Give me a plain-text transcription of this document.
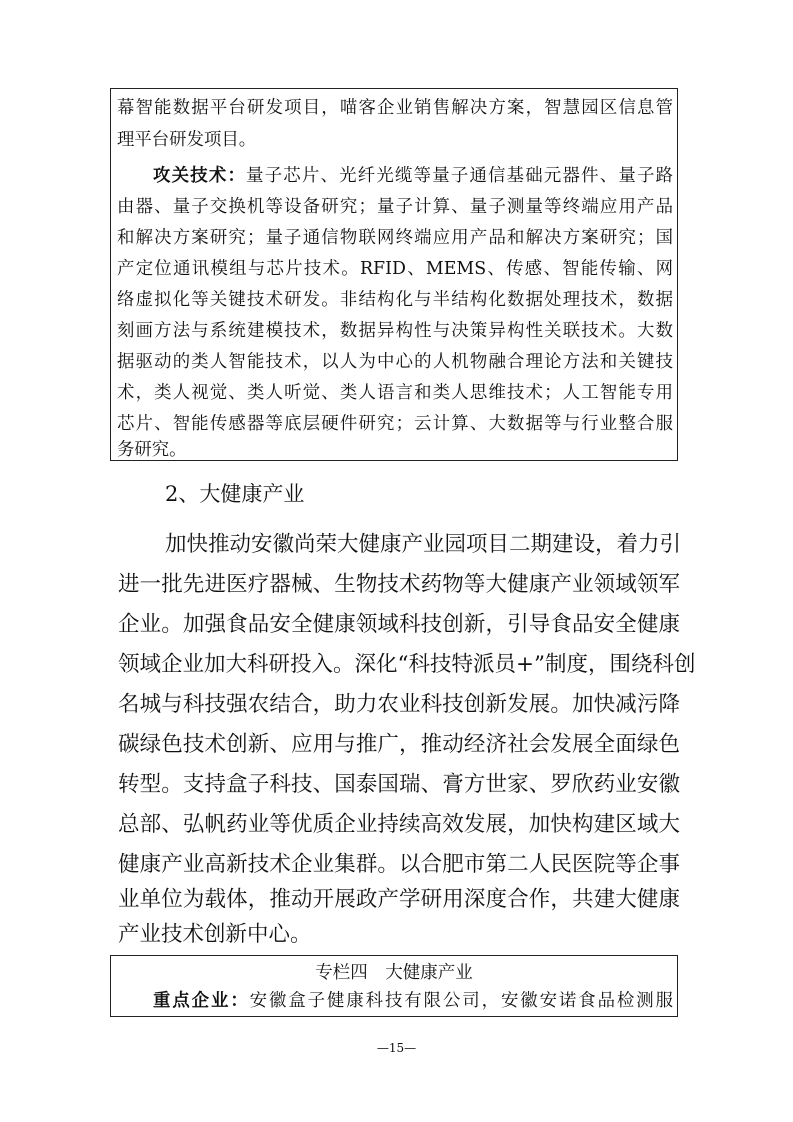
幕智能数据平台研发项目，喵客企业销售解决方案，智慧园区信息管
理平台研发项目。
攻关技术：量子芯片、光纤光缆等量子通信基础元器件、量子路
由器、量子交换机等设备研究；量子计算、量子测量等终端应用产品
和解决方案研究；量子通信物联网终端应用产品和解决方案研究；国
产定位通讯模组与芯片技术。RFID、MEMS、传感、智能传输、网
络虚拟化等关键技术研发。非结构化与半结构化数据处理技术，数据
刻画方法与系统建模技术，数据异构性与决策异构性关联技术。大数
据驱动的类人智能技术，以人为中心的人机物融合理论方法和关键技
术，类人视觉、类人听觉、类人语言和类人思维技术；人工智能专用
芯片、智能传感器等底层硬件研究；云计算、大数据等与行业整合服
务研究。
2、大健康产业
加快推动安徽尚荣大健康产业园项目二期建设，着力引
进一批先进医疗器械、生物技术药物等大健康产业领域领军
企业。加强食品安全健康领域科技创新，引导食品安全健康
领域企业加大科研投入。深化“科技特派员+”制度，围绕科创
名城与科技强农结合，助力农业科技创新发展。加快减污降
碳绿色技术创新、应用与推广，推动经济社会发展全面绿色
转型。支持盒子科技、国泰国瑞、膏方世家、罗欣药业安徽
总部、弘帆药业等优质企业持续高效发展，加快构建区域大
健康产业高新技术企业集群。以合肥市第二人民医院等企事
业单位为载体，推动开展政产学研用深度合作，共建大健康
专栏四　大健康产业
重点企业：安徽盒子健康科技有限公司，安徽安诺食品检测服
—15—
产业技术创新中心。
